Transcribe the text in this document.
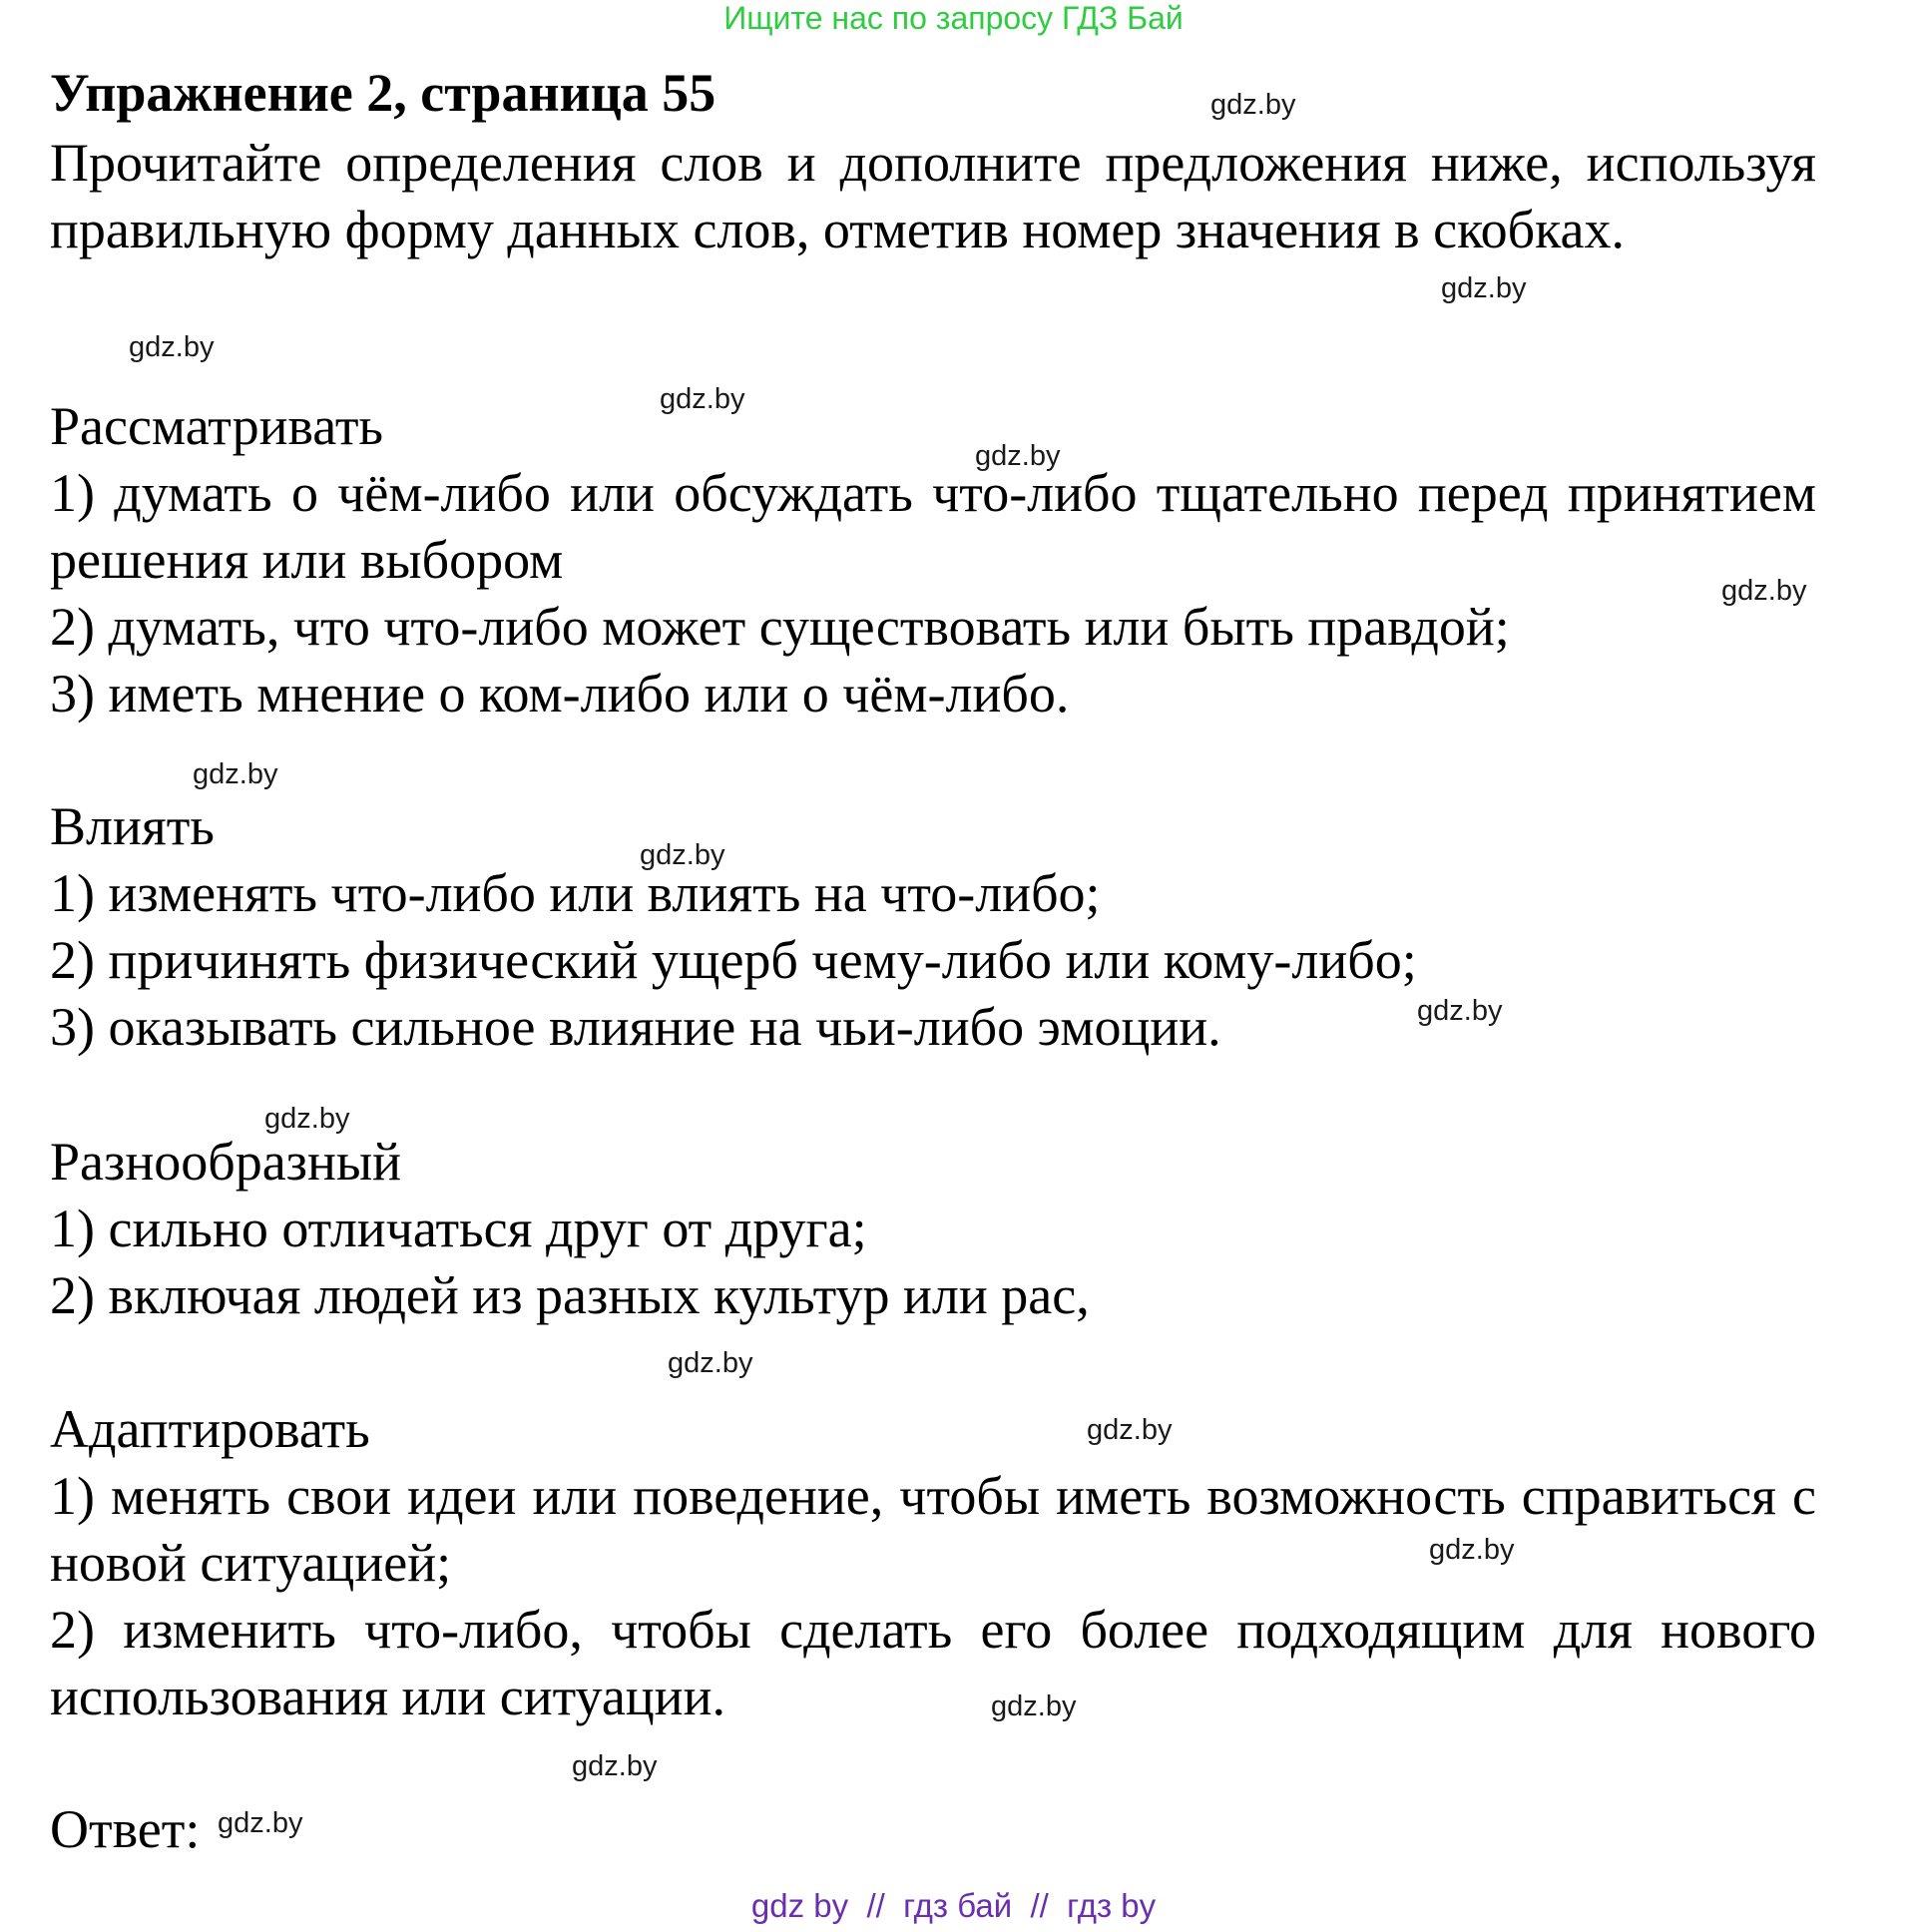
Ищите нас по запросу ГДЗ Бай
Упражнение 2, страница 55
Прочитайте определения слов и дополните предложения ниже, используя правильную форму данных слов, отметив номер значения в скобках.
Рассматривать
1) думать о чём-либо или обсуждать что-либо тщательно перед принятием решения или выбором
2) думать, что что-либо может существовать или быть правдой;
3) иметь мнение о ком-либо или о чём-либо.
Влиять
1) изменять что-либо или влиять на что-либо;
2) причинять физический ущерб чему-либо или кому-либо;
3) оказывать сильное влияние на чьи-либо эмоции.
Разнообразный
1) сильно отличаться друг от друга;
2) включая людей из разных культур или рас,
Адаптировать
1) менять свои идеи или поведение, чтобы иметь возможность справиться с новой ситуацией;
2) изменить что-либо, чтобы сделать его более подходящим для нового использования или ситуации.
Ответ:
gdz.by
gdz.by
gdz.by
gdz.by
gdz.by
gdz.by
gdz.by
gdz.by
gdz.by
gdz.by
gdz.by
gdz.by
gdz.by
gdz.by
gdz.by
gdz.by
gdz by  //  гдз бай  //  гдз by
